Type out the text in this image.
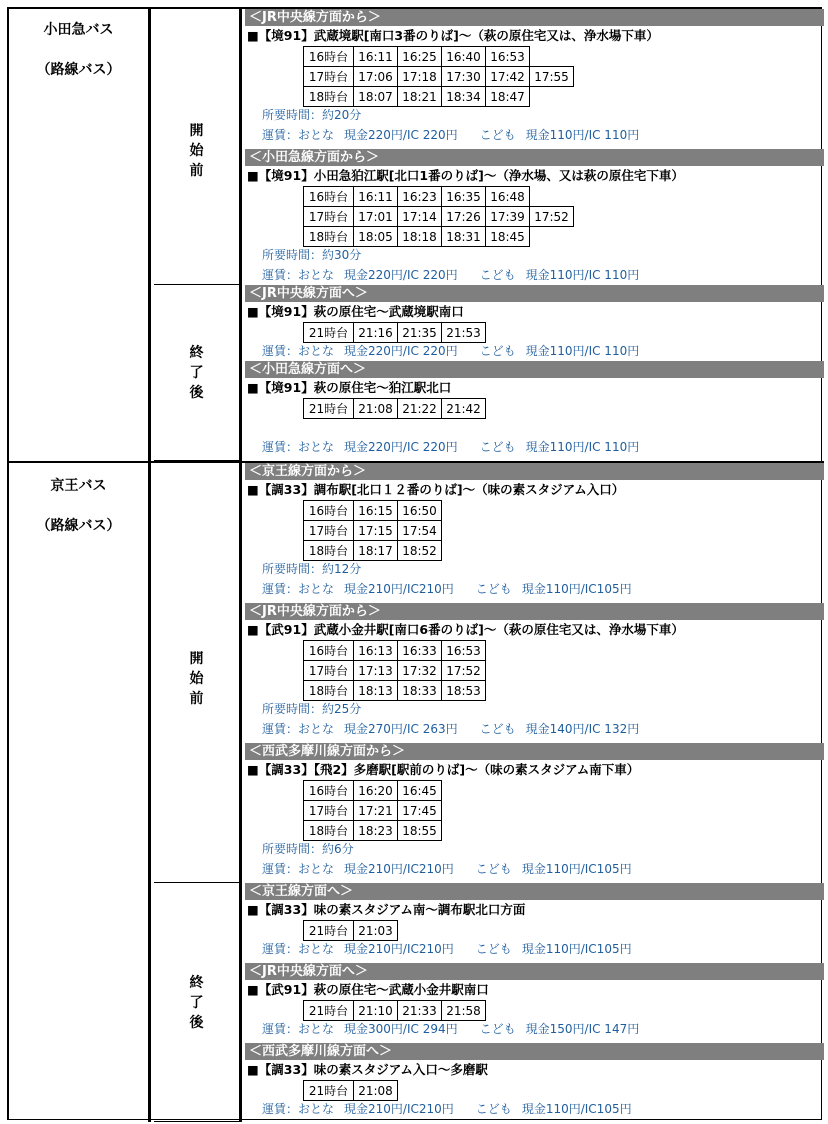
小田急バス
（路線バス）
開
始
前
＜JR中央線方面から＞
■【境91】武蔵境駅[南口3番のりば]～（萩の原住宅又は、浄水場下車）
16時台	16:11	16:25	16:40	16:53	
17時台	17:06	17:18	17:30	17:42	17:55
18時台	18:07	18:21	18:34	18:47	
所要時間：約20分
運賃：おとな 現金220円/IC 220円 こども 現金110円/IC 110円
＜小田急線方面から＞
■【境91】小田急狛江駅[北口1番のりば]～（浄水場、又は萩の原住宅下車）
16時台	16:11	16:23	16:35	16:48	
17時台	17:01	17:14	17:26	17:39	17:52
18時台	18:05	18:18	18:31	18:45	
所要時間：約30分
運賃：おとな 現金220円/IC 220円 こども 現金110円/IC 110円
終
了
後
＜JR中央線方面へ＞
■【境91】萩の原住宅～武蔵境駅南口
21時台	21:16	21:35	21:53
運賃：おとな 現金220円/IC 220円 こども 現金110円/IC 110円
＜小田急線方面へ＞
■【境91】萩の原住宅～狛江駅北口
21時台	21:08	21:22	21:42
運賃：おとな 現金220円/IC 220円 こども 現金110円/IC 110円
京王バス
（路線バス）
開
始
前
＜京王線方面から＞
■【調33】調布駅[北口１２番のりば]～（味の素スタジアム入口）
16時台	16:15	16:50
17時台	17:15	17:54
18時台	18:17	18:52
所要時間：約12分
運賃：おとな 現金210円/IC210円 こども 現金110円/IC105円
＜JR中央線方面から＞
■【武91】武蔵小金井駅[南口6番のりば]～（萩の原住宅又は、浄水場下車）
16時台	16:13	16:33	16:53
17時台	17:13	17:32	17:52
18時台	18:13	18:33	18:53
所要時間：約25分
運賃：おとな 現金270円/IC 263円 こども 現金140円/IC 132円
＜西武多摩川線方面から＞
■【調33】【飛2】多磨駅[駅前のりば]～（味の素スタジアム南下車）
16時台	16:20	16:45
17時台	17:21	17:45
18時台	18:23	18:55
所要時間：約6分
運賃：おとな 現金210円/IC210円 こども 現金110円/IC105円
終
了
後
＜京王線方面へ＞
■【調33】味の素スタジアム南～調布駅北口方面
21時台	21:03
運賃：おとな 現金210円/IC210円 こども 現金110円/IC105円
＜JR中央線方面へ＞
■【武91】萩の原住宅～武蔵小金井駅南口
21時台	21:10	21:33	21:58
運賃：おとな 現金300円/IC 294円 こども 現金150円/IC 147円
＜西武多摩川線方面へ＞
■【調33】味の素スタジアム入口～多磨駅
21時台	21:08
運賃：おとな 現金210円/IC210円 こども 現金110円/IC105円
